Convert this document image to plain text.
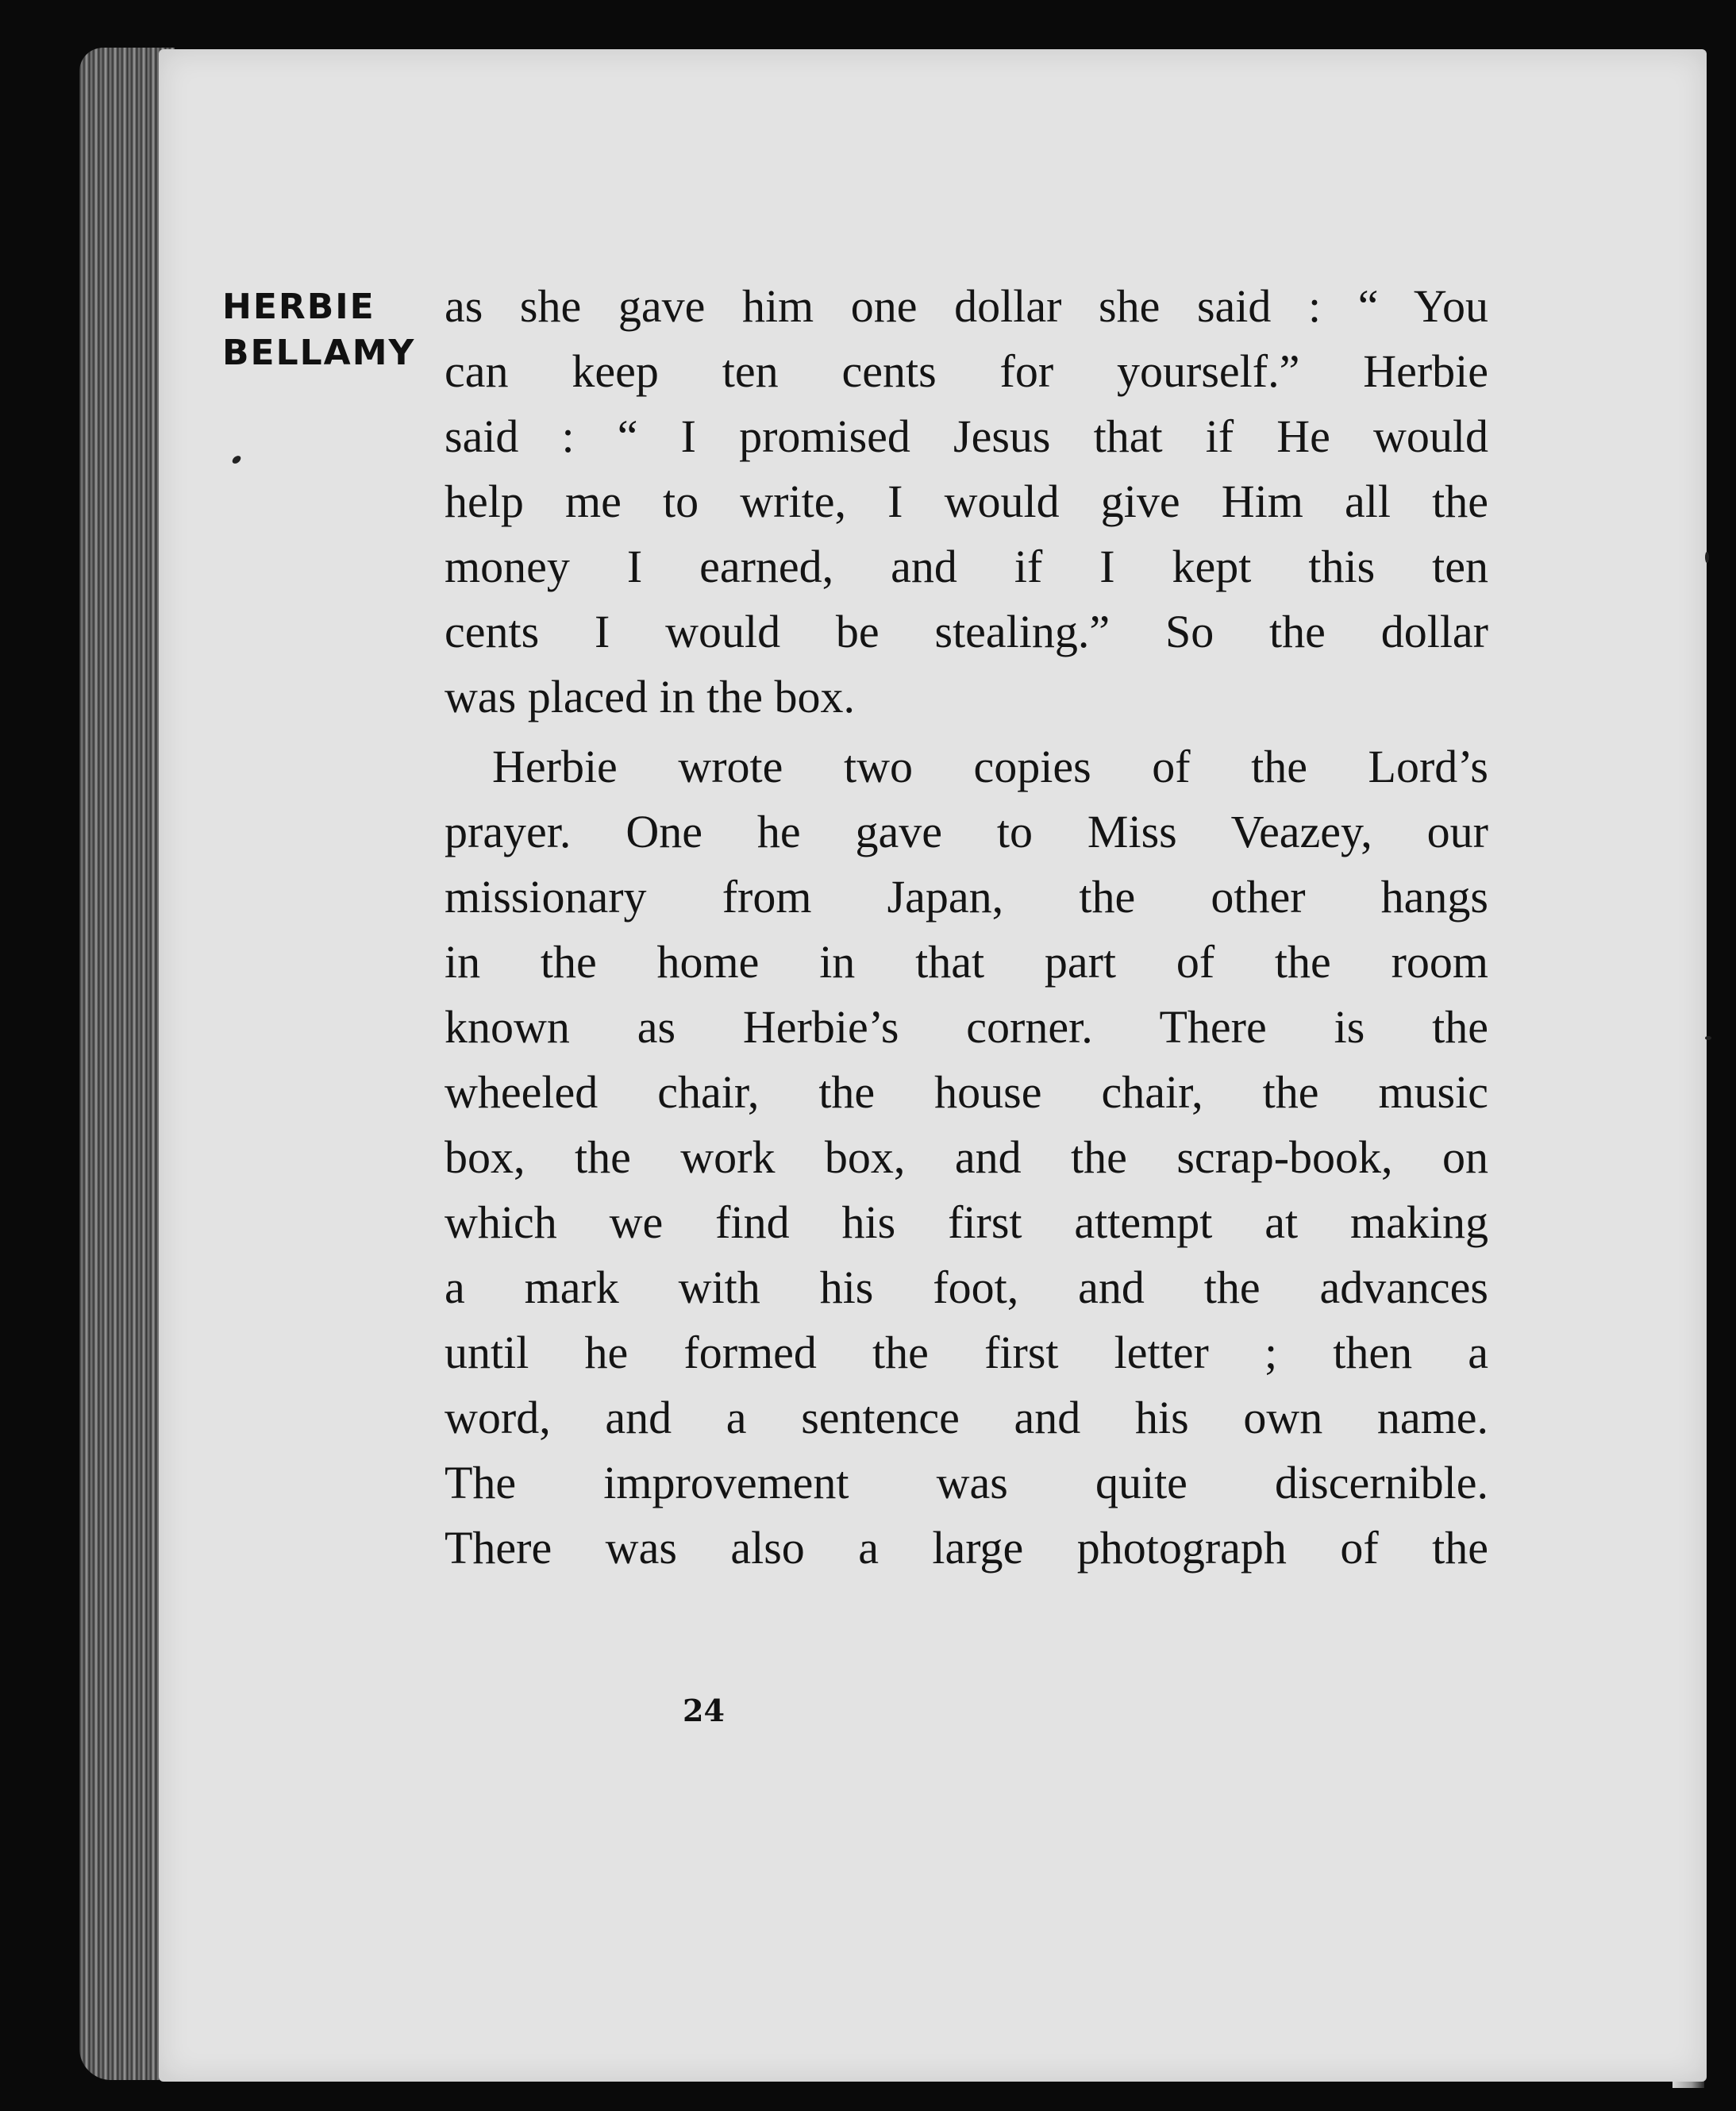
HERBIE
BELLAMY
as she gave him one dollar she said : “ You
can keep ten cents for yourself.” Herbie
said : “ I promised Jesus that if He would
help me to write, I would give Him all the
money I earned, and if I kept this ten
cents I would be stealing.” So the dollar
was placed in the box.
Herbie wrote two copies of the Lord’s
prayer. One he gave to Miss Veazey, our
missionary from Japan, the other hangs
in the home in that part of the room
known as Herbie’s corner. There is the
wheeled chair, the house chair, the music
box, the work box, and the scrap-book, on
which we find his first attempt at making
a mark with his foot, and the advances
until he formed the first letter ; then a
word, and a sentence and his own name.
The improvement was quite discernible.
There was also a large photograph of the
24
